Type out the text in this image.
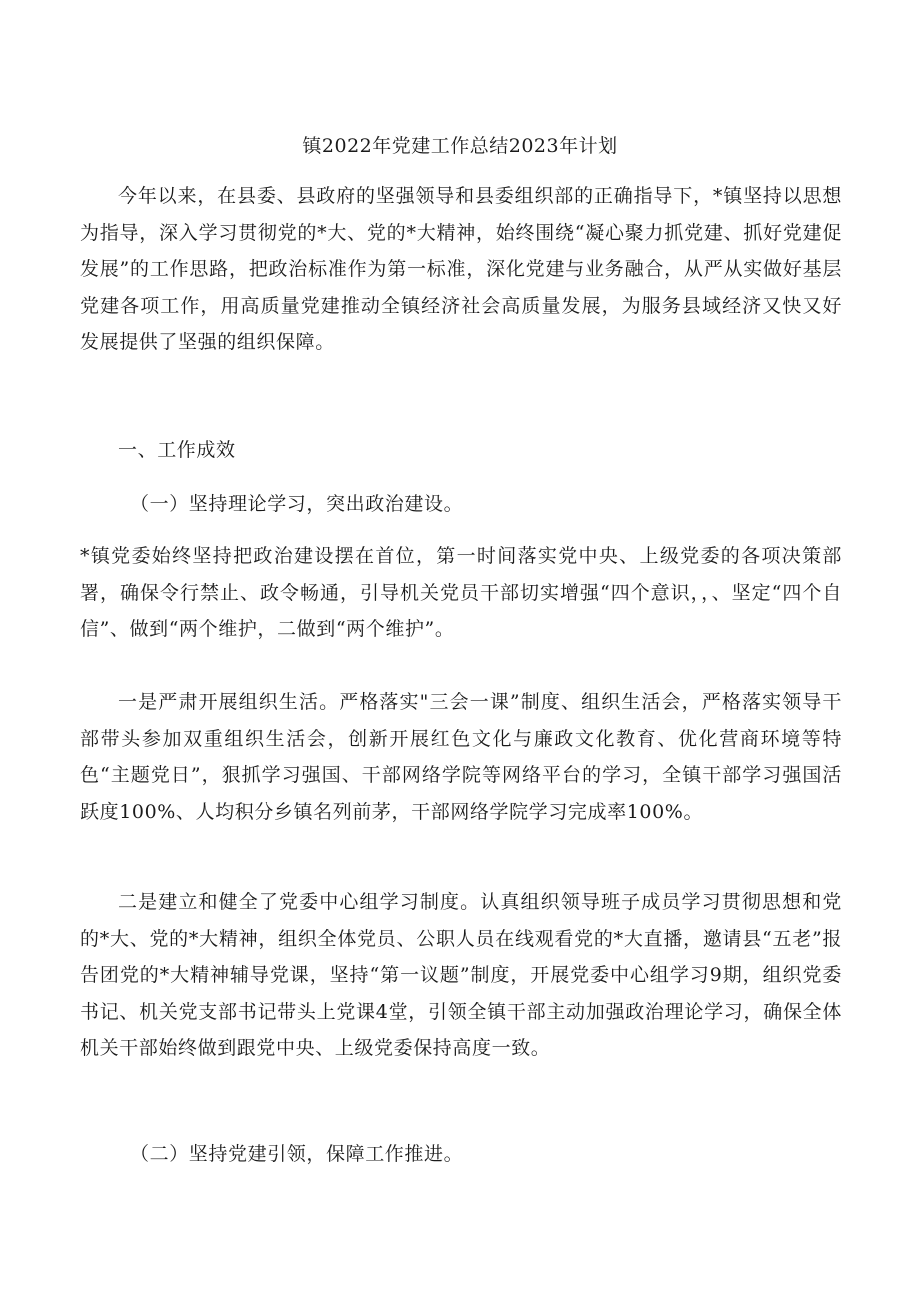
镇2022年党建工作总结2023年计划
今年以来，在县委、县政府的坚强领导和县委组织部的正确指导下，*镇坚持以思想为指导，深入学习贯彻党的*大、党的*大精神，始终围绕“凝心聚力抓党建、抓好党建促发展”的工作思路，把政治标准作为第一标准，深化党建与业务融合，从严从实做好基层党建各项工作，用高质量党建推动全镇经济社会高质量发展，为服务县域经济又快又好发展提供了坚强的组织保障。
一、工作成效
（一）坚持理论学习，突出政治建设。
*镇党委始终坚持把政治建设摆在首位，第一时间落实党中央、上级党委的各项决策部署，确保令行禁止、政令畅通，引导机关党员干部切实增强“四个意识，，、坚定“四个自信”、做到“两个维护，二做到“两个维护”。
一是严肃开展组织生活。严格落实"三会一课”制度、组织生活会，严格落实领导干部带头参加双重组织生活会，创新开展红色文化与廉政文化教育、优化营商环境等特色“主题党日”，狠抓学习强国、干部网络学院等网络平台的学习，全镇干部学习强国活跃度100%、人均积分乡镇名列前茅，干部网络学院学习完成率100%。
二是建立和健全了党委中心组学习制度。认真组织领导班子成员学习贯彻思想和党的*大、党的*大精神，组织全体党员、公职人员在线观看党的*大直播，邀请县“五老”报告团党的*大精神辅导党课，坚持“第一议题”制度，开展党委中心组学习9期，组织党委书记、机关党支部书记带头上党课4堂，引领全镇干部主动加强政治理论学习，确保全体机关干部始终做到跟党中央、上级党委保持高度一致。
（二）坚持党建引领，保障工作推进。
